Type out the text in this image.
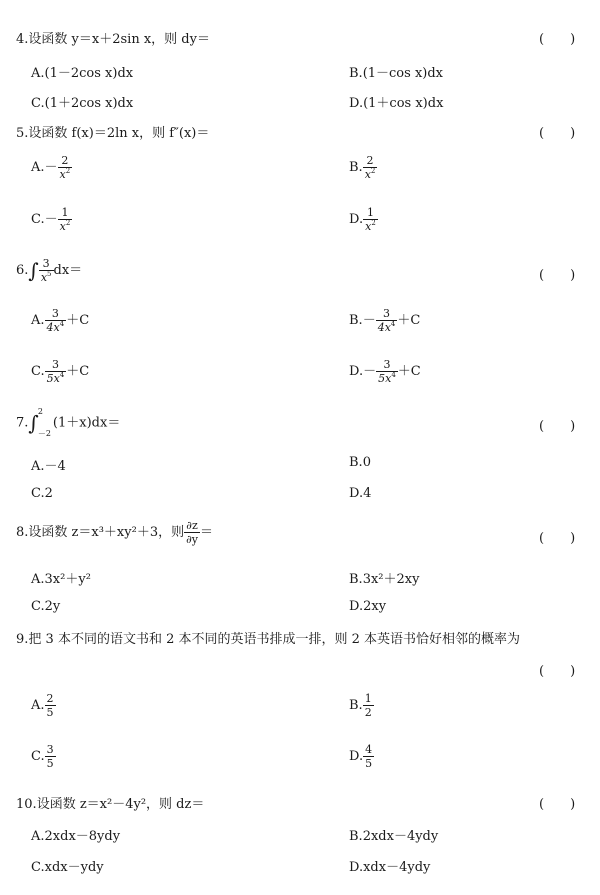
4.设函数 y＝x＋2sin x，则 dy＝	(　　)
A.(1－2cos x)dx	B.(1－cos x)dx
C.(1＋2cos x)dx	D.(1＋cos x)dx
5.设函数 f(x)＝2ln x，则 f″(x)＝	(　　)
$A.- \frac{2}{x^2}$	B. $\frac{2}{x^2}$
$C.- \frac{1}{x^2}$	D. $\frac{1}{x^2}$
$6.\int \frac{3}{x^5} dx=$	(　　)
A. $\frac{3}{4x^4} +C$	$B.- \frac{3}{4x^4} +C$
C. $\frac{3}{5x^4} +C$	$D.- \frac{3}{5x^4} +C$
7.∫ 2
－2
(1＋x)dx＝	(　　)
A.－4	B.0
C.2	D.4
8.设函数 z＝x³＋xy²＋3，则 $\frac{\partial z}{\partial y}$ ＝	(　　)
A.3x²＋y²	B.3x²＋2xy
C.2y	D.2xy
9.把 3 本不同的语文书和 2 本不同的英语书排成一排，则 2 本英语书恰好相邻的概率为
(　　)
A. $\frac{2}{5}$	B. $\frac{1}{2}$
C. $\frac{3}{5}$	D. $\frac{4}{5}$
10.设函数 z＝x²－4y²，则 dz＝	(　　)
A.2xdx－8ydy	B.2xdx－4ydy
C.xdx－ydy	D.xdx－4ydy
